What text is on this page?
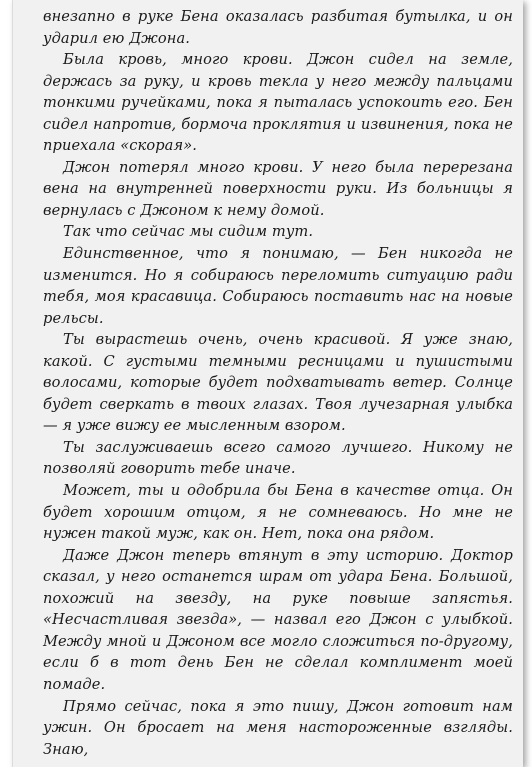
внезапно в руке Бена оказалась разбитая бутылка, и он ударил ею Джона.

Была кровь, много крови. Джон сидел на земле, держась за руку, и кровь текла у него между пальцами тонкими ручейками, пока я пыталась успокоить его. Бен сидел напротив, бормоча проклятия и извинения, пока не приехала «скорая».

Джон потерял много крови. У него была перерезана вена на внутренней поверхности руки. Из больницы я вернулась с Джоном к нему домой.

Так что сейчас мы сидим тут.

Единственное, что я понимаю, — Бен никогда не изменится. Но я собираюсь переломить ситуацию ради тебя, моя красавица. Собираюсь поставить нас на новые рельсы.

Ты вырастешь очень, очень красивой. Я уже знаю, какой. С густыми темными ресницами и пушистыми волосами, которые будет подхватывать ветер. Солнце будет сверкать в твоих глазах. Твоя лучезарная улыбка — я уже вижу ее мысленным взором.

Ты заслуживаешь всего самого лучшего. Никому не позволяй говорить тебе иначе.

Может, ты и одобрила бы Бена в качестве отца. Он будет хорошим отцом, я не сомневаюсь. Но мне не нужен такой муж, как он. Нет, пока она рядом.

Даже Джон теперь втянут в эту историю. Доктор сказал, у него останется шрам от удара Бена. Большой, похожий на звезду, на руке повыше запястья. «Несчастливая звезда», — назвал его Джон с улыбкой. Между мной и Джоном все могло сложиться по-другому, если б в тот день Бен не сделал комплимент моей помаде.

Прямо сейчас, пока я это пишу, Джон готовит нам ужин. Он бросает на меня настороженные взгляды. Знаю,
